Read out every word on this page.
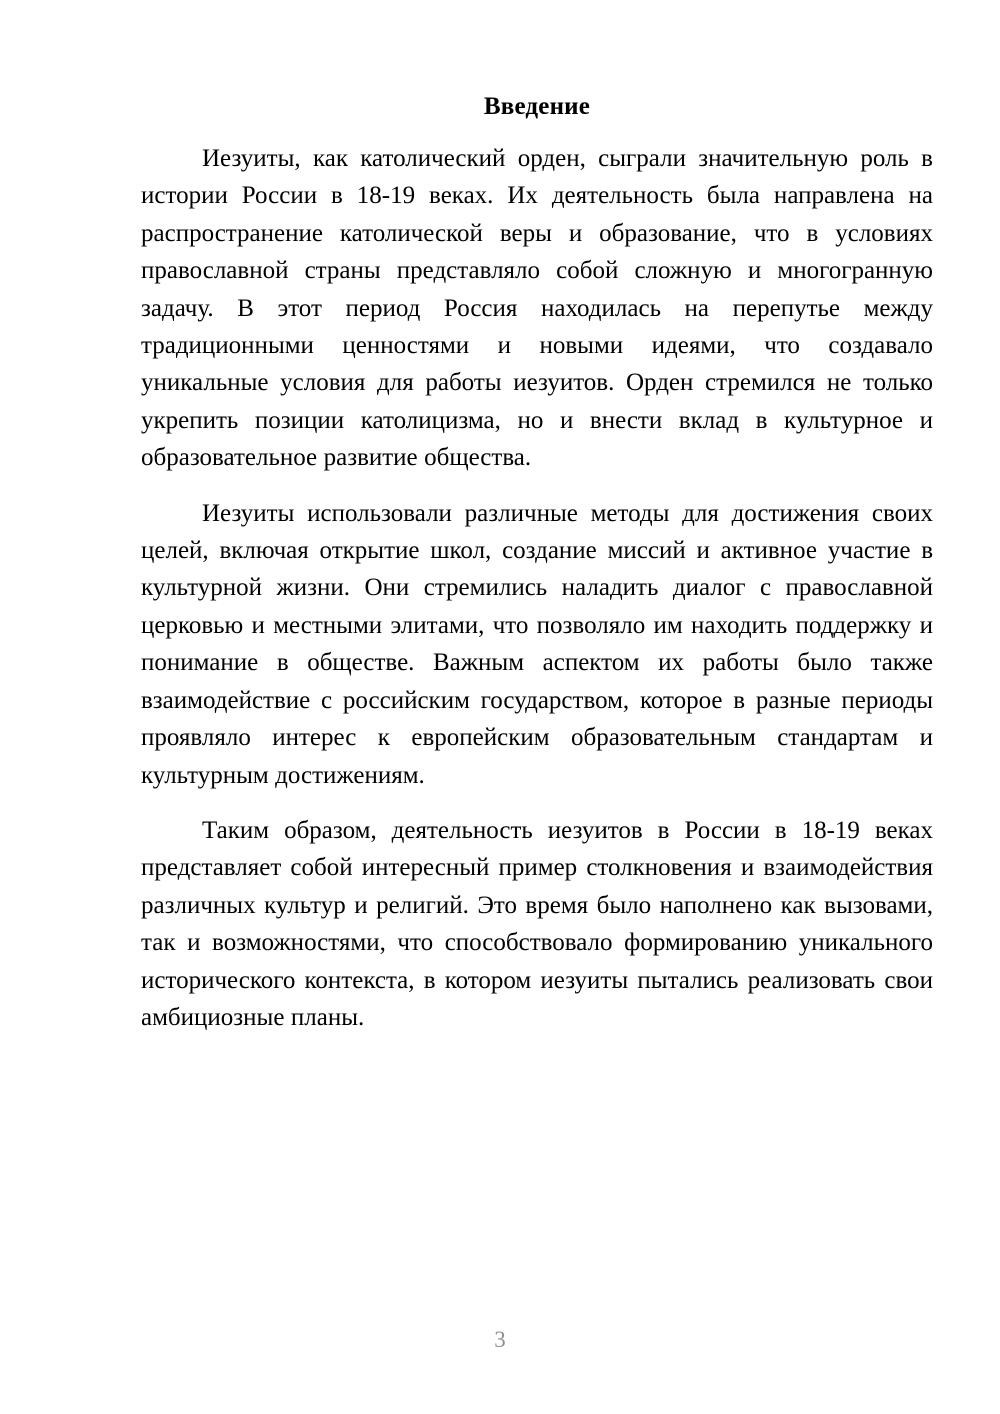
Введение

Иезуиты, как католический орден, сыграли значительную роль в истории России в 18-19 веках. Их деятельность была направлена на распространение католической веры и образование, что в условиях православной страны представляло собой сложную и многогранную задачу. В этот период Россия находилась на перепутье между традиционными ценностями и новыми идеями, что создавало уникальные условия для работы иезуитов. Орден стремился не только укрепить позиции католицизма, но и внести вклад в культурное и образовательное развитие общества.

Иезуиты использовали различные методы для достижения своих целей, включая открытие школ, создание миссий и активное участие в культурной жизни. Они стремились наладить диалог с православной церковью и местными элитами, что позволяло им находить поддержку и понимание в обществе. Важным аспектом их работы было также взаимодействие с российским государством, которое в разные периоды проявляло интерес к европейским образовательным стандартам и культурным достижениям.

Таким образом, деятельность иезуитов в России в 18-19 веках представляет собой интересный пример столкновения и взаимодействия различных культур и религий. Это время было наполнено как вызовами, так и возможностями, что способствовало формированию уникального исторического контекста, в котором иезуиты пытались реализовать свои амбициозные планы.

3
